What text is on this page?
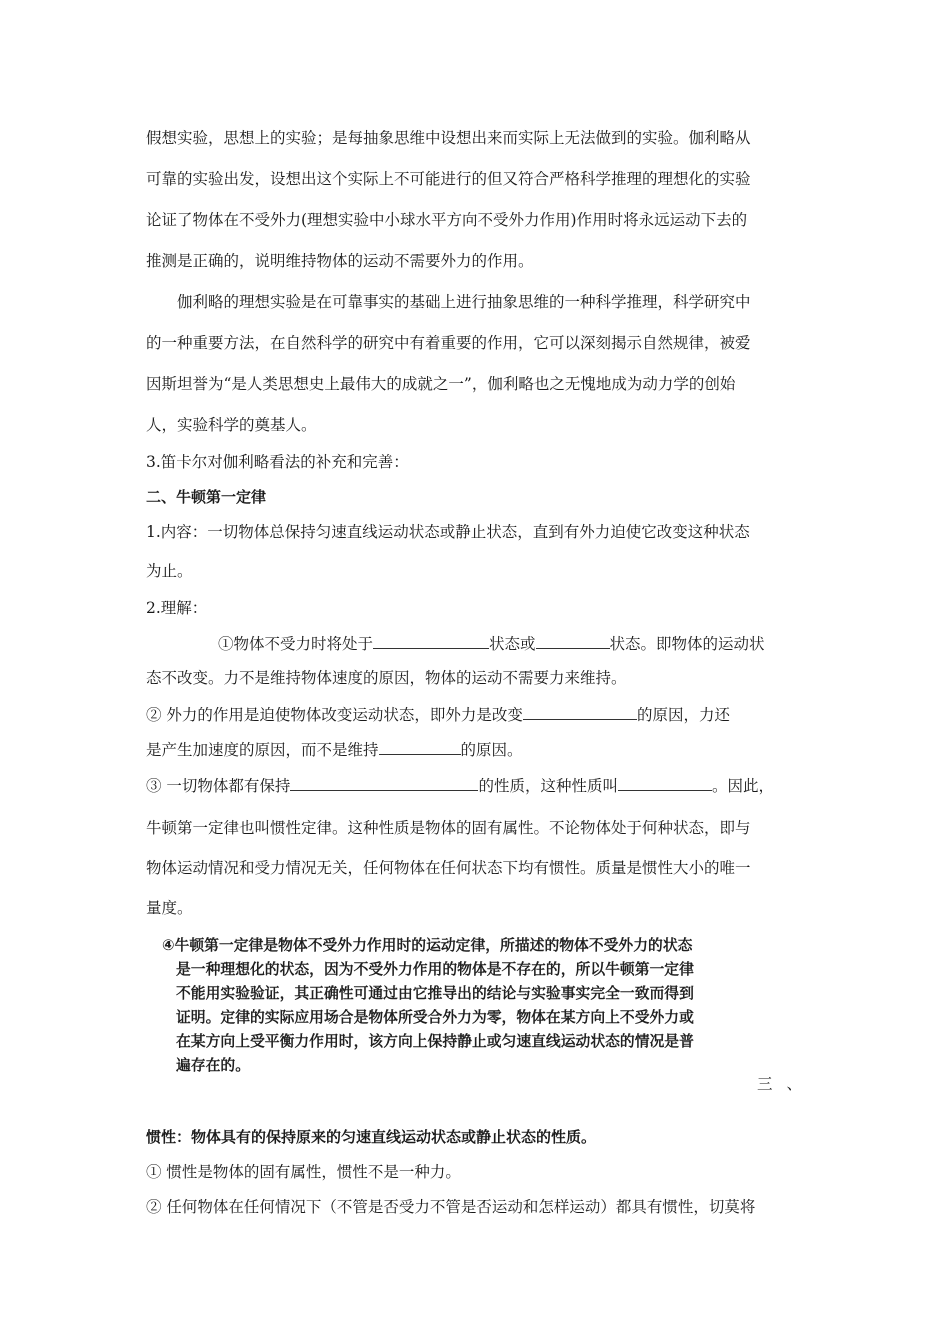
假想实验，思想上的实验；是每抽象思维中设想出来而实际上无法做到的实验。伽利略从
可靠的实验出发，设想出这个实际上不可能进行的但又符合严格科学推理的理想化的实验
论证了物体在不受外力(理想实验中小球水平方向不受外力作用)作用时将永远运动下去的
推测是正确的，说明维持物体的运动不需要外力的作用。
伽利略的理想实验是在可靠事实的基础上进行抽象思维的一种科学推理，科学研究中
的一种重要方法，在自然科学的研究中有着重要的作用，它可以深刻揭示自然规律，被爱
因斯坦誉为“是人类思想史上最伟大的成就之一”，伽利略也之无愧地成为动力学的创始
人，实验科学的奠基人。
3.笛卡尔对伽利略看法的补充和完善：
二、牛顿第一定律
1.内容：一切物体总保持匀速直线运动状态或静止状态，直到有外力迫使它改变这种状态
为止。
2.理解：
①物体不受力时将处于	状态或	状态。即物体的运动状
态不改变。力不是维持物体速度的原因，物体的运动不需要力来维持。
② 外力的作用是迫使物体改变运动状态，即外力是改变	的原因，力还
是产生加速度的原因，而不是维持	的原因。
③ 一切物体都有保持	的性质，这种性质叫	。因此，
牛顿第一定律也叫惯性定律。这种性质是物体的固有属性。不论物体处于何种状态，即与
物体运动情况和受力情况无关，任何物体在任何状态下均有惯性。质量是惯性大小的唯一
量度。
④牛顿第一定律是物体不受外力作用时的运动定律，所描述的物体不受外力的状态
是一种理想化的状态，因为不受外力作用的物体是不存在的，所以牛顿第一定律
不能用实验验证，其正确性可通过由它推导出的结论与实验事实完全一致而得到
证明。定律的实际应用场合是物体所受合外力为零，物体在某方向上不受外力或
在某方向上受平衡力作用时，该方向上保持静止或匀速直线运动状态的情况是普
遍存在的。
三、
惯性：物体具有的保持原来的匀速直线运动状态或静止状态的性质。
① 惯性是物体的固有属性，惯性不是一种力。
② 任何物体在任何情况下（不管是否受力不管是否运动和怎样运动）都具有惯性，切莫将
